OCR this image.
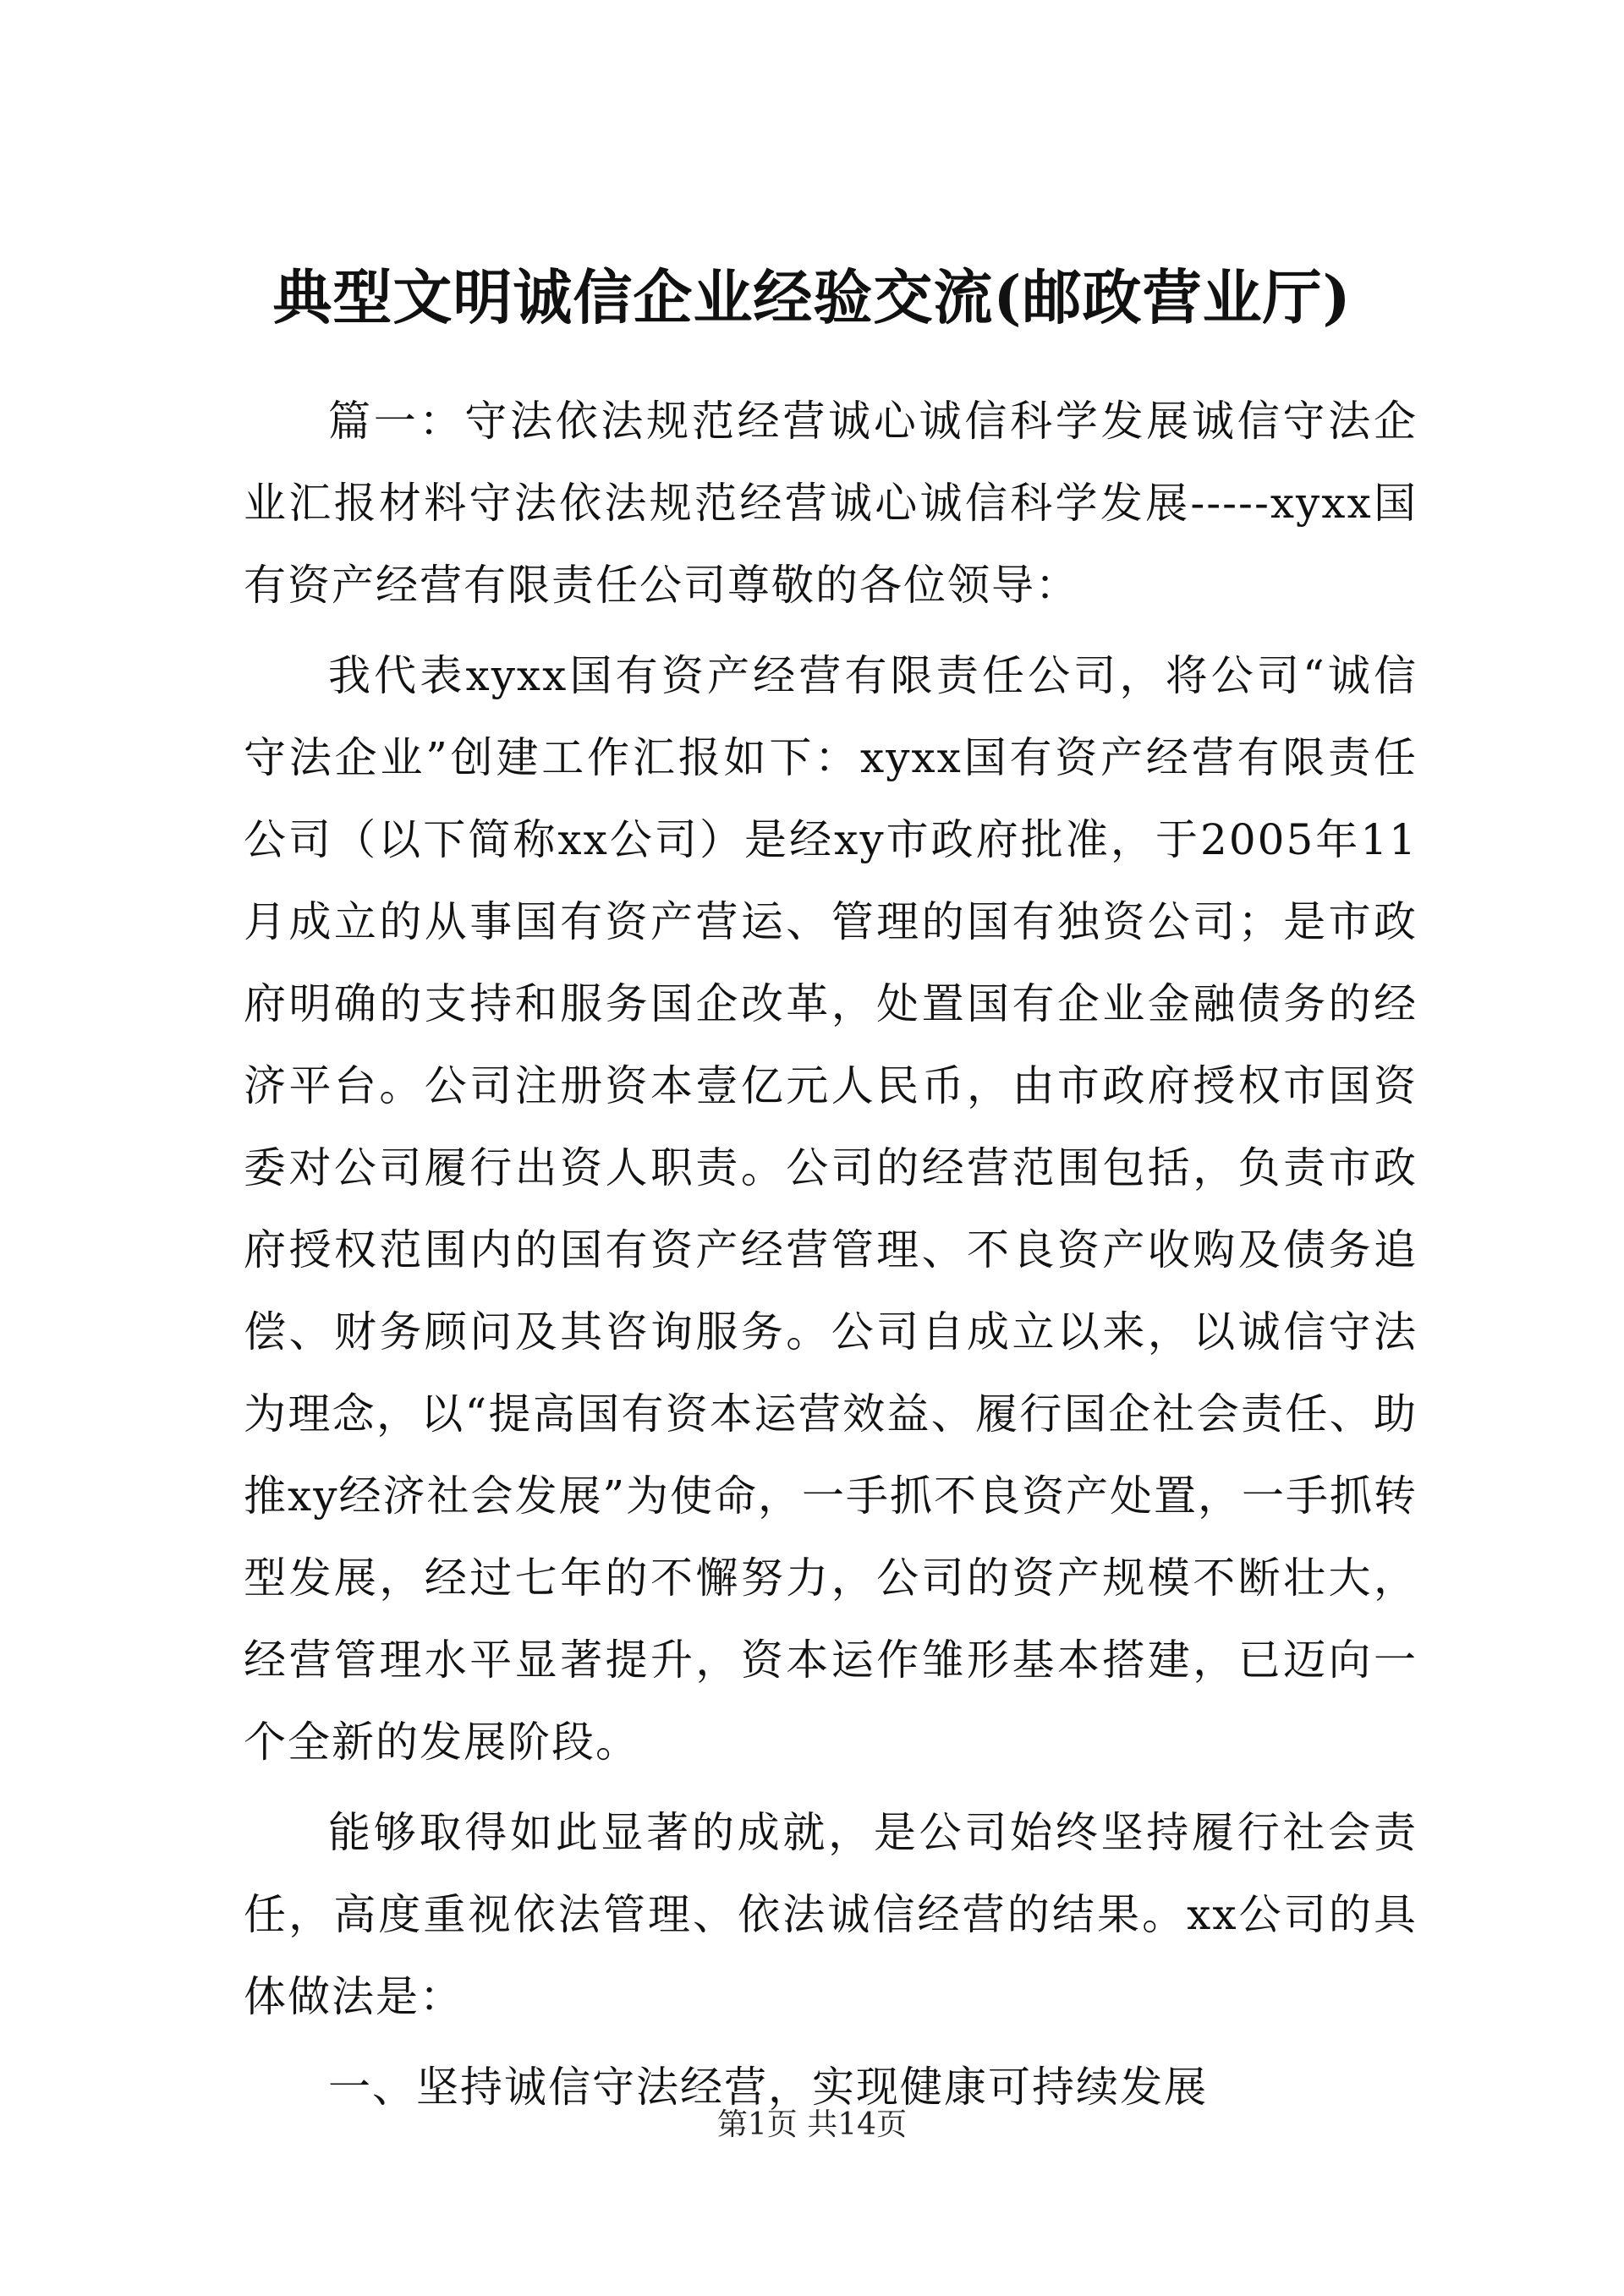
典型文明诚信企业经验交流(邮政营业厅)

篇一：守法依法规范经营诚心诚信科学发展诚信守法企业汇报材料守法依法规范经营诚心诚信科学发展-----xyxx国有资产经营有限责任公司尊敬的各位领导：

我代表xyxx国有资产经营有限责任公司，将公司“诚信守法企业”创建工作汇报如下：xyxx国有资产经营有限责任公司（以下简称xx公司）是经xy市政府批准，于2005年11月成立的从事国有资产营运、管理的国有独资公司；是市政府明确的支持和服务国企改革，处置国有企业金融债务的经济平台。公司注册资本壹亿元人民币，由市政府授权市国资委对公司履行出资人职责。公司的经营范围包括，负责市政府授权范围内的国有资产经营管理、不良资产收购及债务追偿、财务顾问及其咨询服务。公司自成立以来，以诚信守法为理念，以“提高国有资本运营效益、履行国企社会责任、助推xy经济社会发展”为使命，一手抓不良资产处置，一手抓转型发展，经过七年的不懈努力，公司的资产规模不断壮大，经营管理水平显著提升，资本运作雏形基本搭建，已迈向一个全新的发展阶段。

能够取得如此显著的成就，是公司始终坚持履行社会责任，高度重视依法管理、依法诚信经营的结果。xx公司的具体做法是：

一、坚持诚信守法经营，实现健康可持续发展

第1页 共14页
